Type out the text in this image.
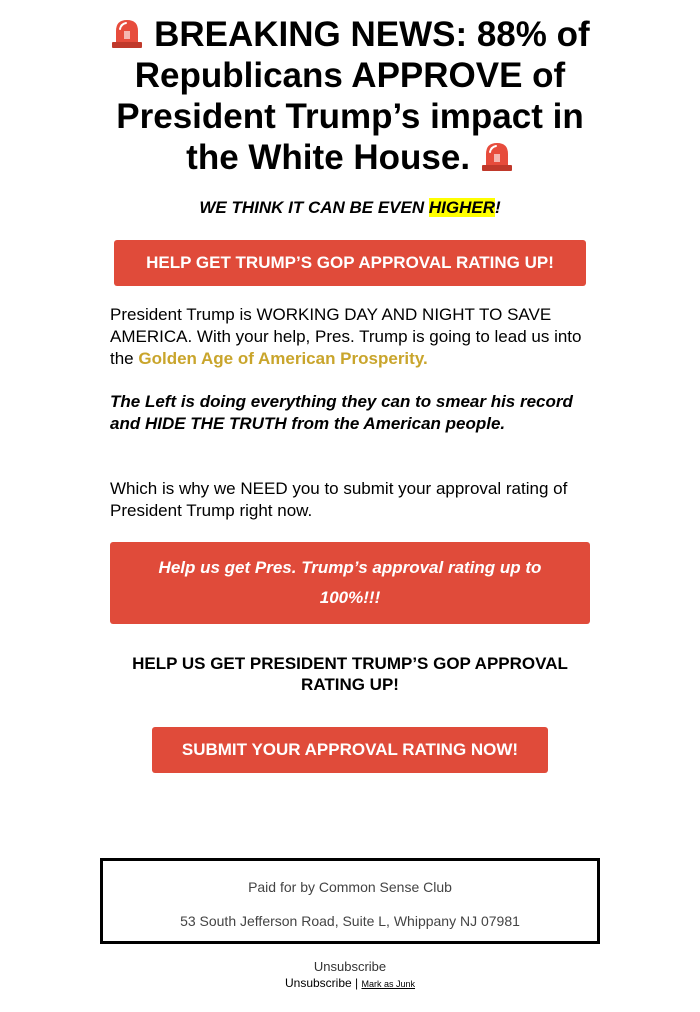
BREAKING NEWS: 88% of Republicans APPROVE of President Trump’s impact in the White House.

WE THINK IT CAN BE EVEN HIGHER!

HELP GET TRUMP’S GOP APPROVAL RATING UP!

President Trump is WORKING DAY AND NIGHT TO SAVE AMERICA. With your help, Pres. Trump is going to lead us into the Golden Age of American Prosperity.

The Left is doing everything they can to smear his record and HIDE THE TRUTH from the American people.

Which is why we NEED you to submit your approval rating of President Trump right now.

Help us get Pres. Trump’s approval rating up to 100%!!!

HELP US GET PRESIDENT TRUMP’S GOP APPROVAL RATING UP!

SUBMIT YOUR APPROVAL RATING NOW!
Paid for by Common Sense Club
53 South Jefferson Road, Suite L, Whippany NJ 07981
Unsubscribe
Unsubscribe | Mark as Junk
